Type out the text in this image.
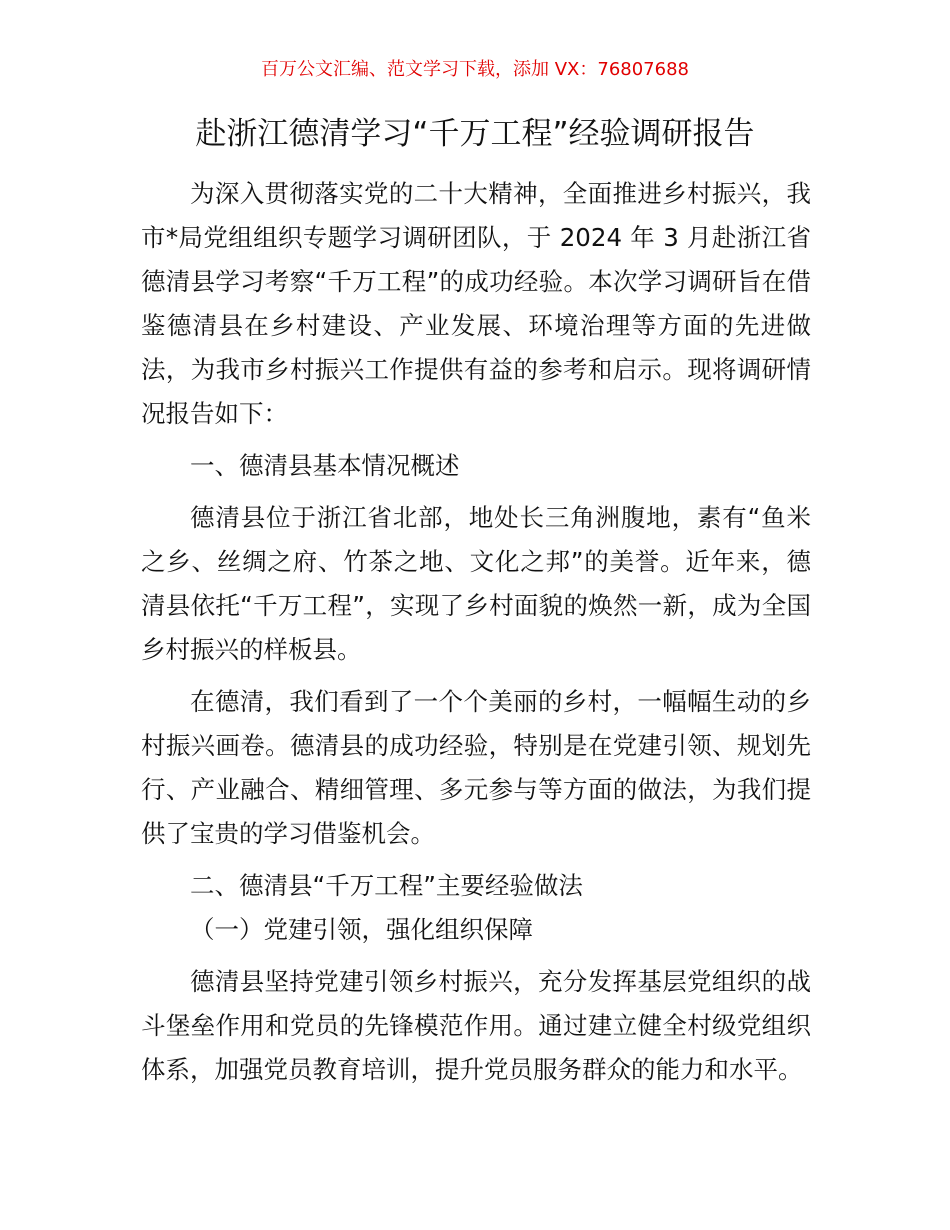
百万公文汇编、范文学习下载，添加 VX：76807688
赴浙江德清学习“千万工程”经验调研报告

为深入贯彻落实党的二十大精神，全面推进乡村振兴，我市*局党组组织专题学习调研团队，于 2024 年 3 月赴浙江省德清县学习考察“千万工程”的成功经验。本次学习调研旨在借鉴德清县在乡村建设、产业发展、环境治理等方面的先进做法，为我市乡村振兴工作提供有益的参考和启示。现将调研情况报告如下：

一、德清县基本情况概述

德清县位于浙江省北部，地处长三角洲腹地，素有“鱼米之乡、丝绸之府、竹茶之地、文化之邦”的美誉。近年来，德清县依托“千万工程”，实现了乡村面貌的焕然一新，成为全国乡村振兴的样板县。

在德清，我们看到了一个个美丽的乡村，一幅幅生动的乡村振兴画卷。德清县的成功经验，特别是在党建引领、规划先行、产业融合、精细管理、多元参与等方面的做法，为我们提供了宝贵的学习借鉴机会。

二、德清县“千万工程”主要经验做法

（一）党建引领，强化组织保障

德清县坚持党建引领乡村振兴，充分发挥基层党组织的战斗堡垒作用和党员的先锋模范作用。通过建立健全村级党组织体系，加强党员教育培训，提升党员服务群众的能力和水平。
